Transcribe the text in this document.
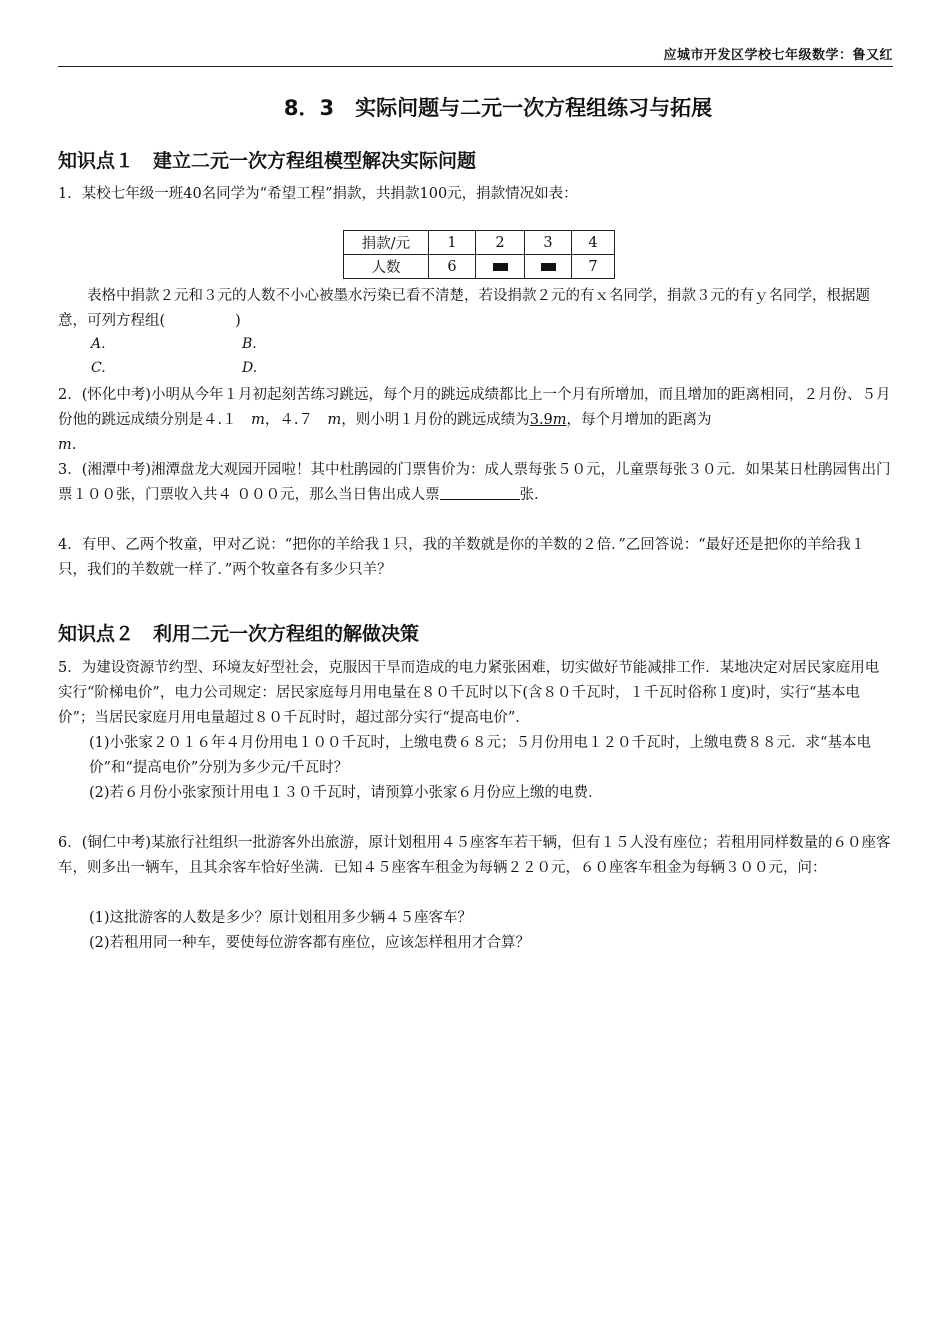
应城市开发区学校七年级数学：鲁又红
8．3　实际问题与二元一次方程组练习与拓展
知识点１　建立二元一次方程组模型解决实际问题
1．某校七年级一班40名同学为“希望工程”捐款，共捐款100元，捐款情况如表：
捐款/元	1	2	3	4
人数	6			7
表格中捐款２元和３元的人数不小心被墨水污染已看不清楚，若设捐款２元的有ｘ名同学，捐款３元的有ｙ名同学，根据题意，可列方程组(	)
A.	B.
C.	D.
2．(怀化中考)小明从今年１月初起刻苦练习跳远，每个月的跳远成绩都比上一个月有所增加，而且增加的距离相同，２月份、５月份他的跳远成绩分别是４.１　m，４.７　m，则小明１月份的跳远成绩为3.9m，每个月增加的距离为
m.
3．(湘潭中考)湘潭盘龙大观园开园啦！其中杜鹃园的门票售价为：成人票每张５０元，儿童票每张３０元．如果某日杜鹃园售出门票１００张，门票收入共４ ０００元，那么当日售出成人票	张．
4．有甲、乙两个牧童，甲对乙说：“把你的羊给我１只，我的羊数就是你的羊数的２倍．”乙回答说：“最好还是把你的羊给我１只，我们的羊数就一样了．”两个牧童各有多少只羊？
知识点２　利用二元一次方程组的解做决策
5．为建设资源节约型、环境友好型社会，克服因干旱而造成的电力紧张困难，切实做好节能减排工作．某地决定对居民家庭用电实行“阶梯电价”，电力公司规定：居民家庭每月用电量在８０千瓦时以下(含８０千瓦时，１千瓦时俗称１度)时，实行“基本电价”；当居民家庭月用电量超过８０千瓦时时，超过部分实行“提高电价”．
(1)小张家２０１６年４月份用电１００千瓦时，上缴电费６８元；５月份用电１２０千瓦时，上缴电费８８元．求“基本电价”和“提高电价”分别为多少元/千瓦时？
(2)若６月份小张家预计用电１３０千瓦时，请预算小张家６月份应上缴的电费．
6．(铜仁中考)某旅行社组织一批游客外出旅游，原计划租用４５座客车若干辆，但有１５人没有座位；若租用同样数量的６０座客车，则多出一辆车，且其余客车恰好坐满．已知４５座客车租金为每辆２２０元，６０座客车租金为每辆３００元，问：
(1)这批游客的人数是多少？原计划租用多少辆４５座客车？
(2)若租用同一种车，要使每位游客都有座位，应该怎样租用才合算？
